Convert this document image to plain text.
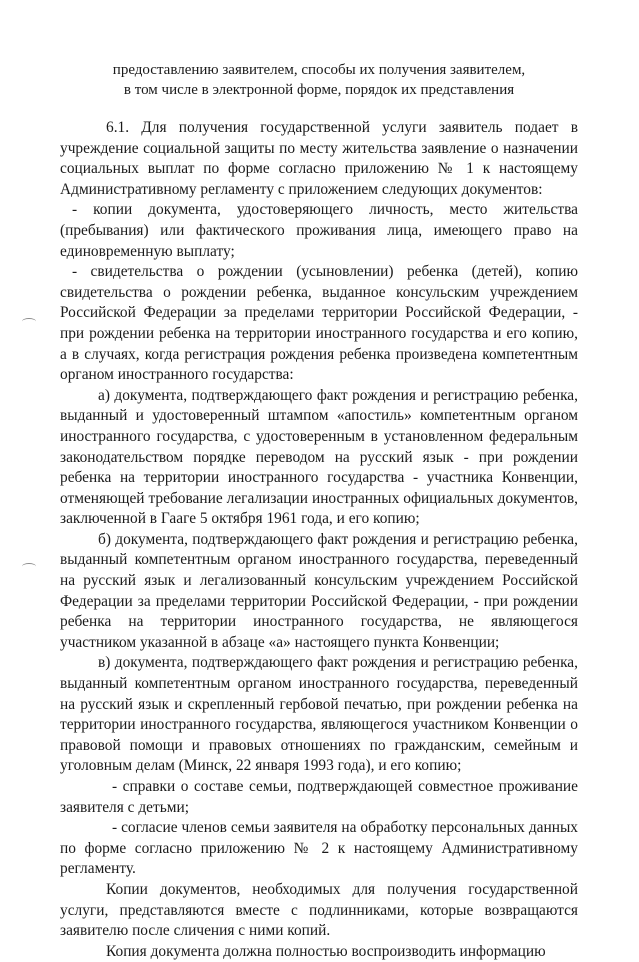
предоставлению заявителем, способы их получения заявителем,
в том числе в электронной форме, порядок их представления

6.1. Для получения государственной услуги заявитель подает в учреждение социальной защиты по месту жительства заявление о назначении социальных выплат по форме согласно приложению № 1 к настоящему Административному регламенту с приложением следующих документов:

- копии документа, удостоверяющего личность, место жительства (пребывания) или фактического проживания лица, имеющего право на единовременную выплату;

- свидетельства о рождении (усыновлении) ребенка (детей), копию свидетельства о рождении ребенка, выданное консульским учреждением Российской Федерации за пределами территории Российской Федерации, - при рождении ребенка на территории иностранного государства и его копию, а в случаях, когда регистрация рождения ребенка произведена компетентным органом иностранного государства:

а) документа, подтверждающего факт рождения и регистрацию ребенка, выданный и удостоверенный штампом «апостиль» компетентным органом иностранного государства, с удостоверенным в установленном федеральным законодательством порядке переводом на русский язык - при рождении ребенка на территории иностранного государства - участника Конвенции, отменяющей требование легализации иностранных официальных документов, заключенной в Гааге 5 октября 1961 года, и его копию;

б) документа, подтверждающего факт рождения и регистрацию ребенка, выданный компетентным органом иностранного государства, переведенный на русский язык и легализованный консульским учреждением Российской Федерации за пределами территории Российской Федерации, - при рождении ребенка на территории иностранного государства, не являющегося участником указанной в абзаце «а» настоящего пункта Конвенции;

в) документа, подтверждающего факт рождения и регистрацию ребенка, выданный компетентным органом иностранного государства, переведенный на русский язык и скрепленный гербовой печатью, при рождении ребенка на территории иностранного государства, являющегося участником Конвенции о правовой помощи и правовых отношениях по гражданским, семейным и уголовным делам (Минск, 22 января 1993 года), и его копию;

- справки о составе семьи, подтверждающей совместное проживание заявителя с детьми;

- согласие членов семьи заявителя на обработку персональных данных по форме согласно приложению № 2 к настоящему Административному регламенту.

Копии документов, необходимых для получения государственной услуги, представляются вместе с подлинниками, которые возвращаются заявителю после сличения с ними копий.

Копия документа должна полностью воспроизводить информацию
